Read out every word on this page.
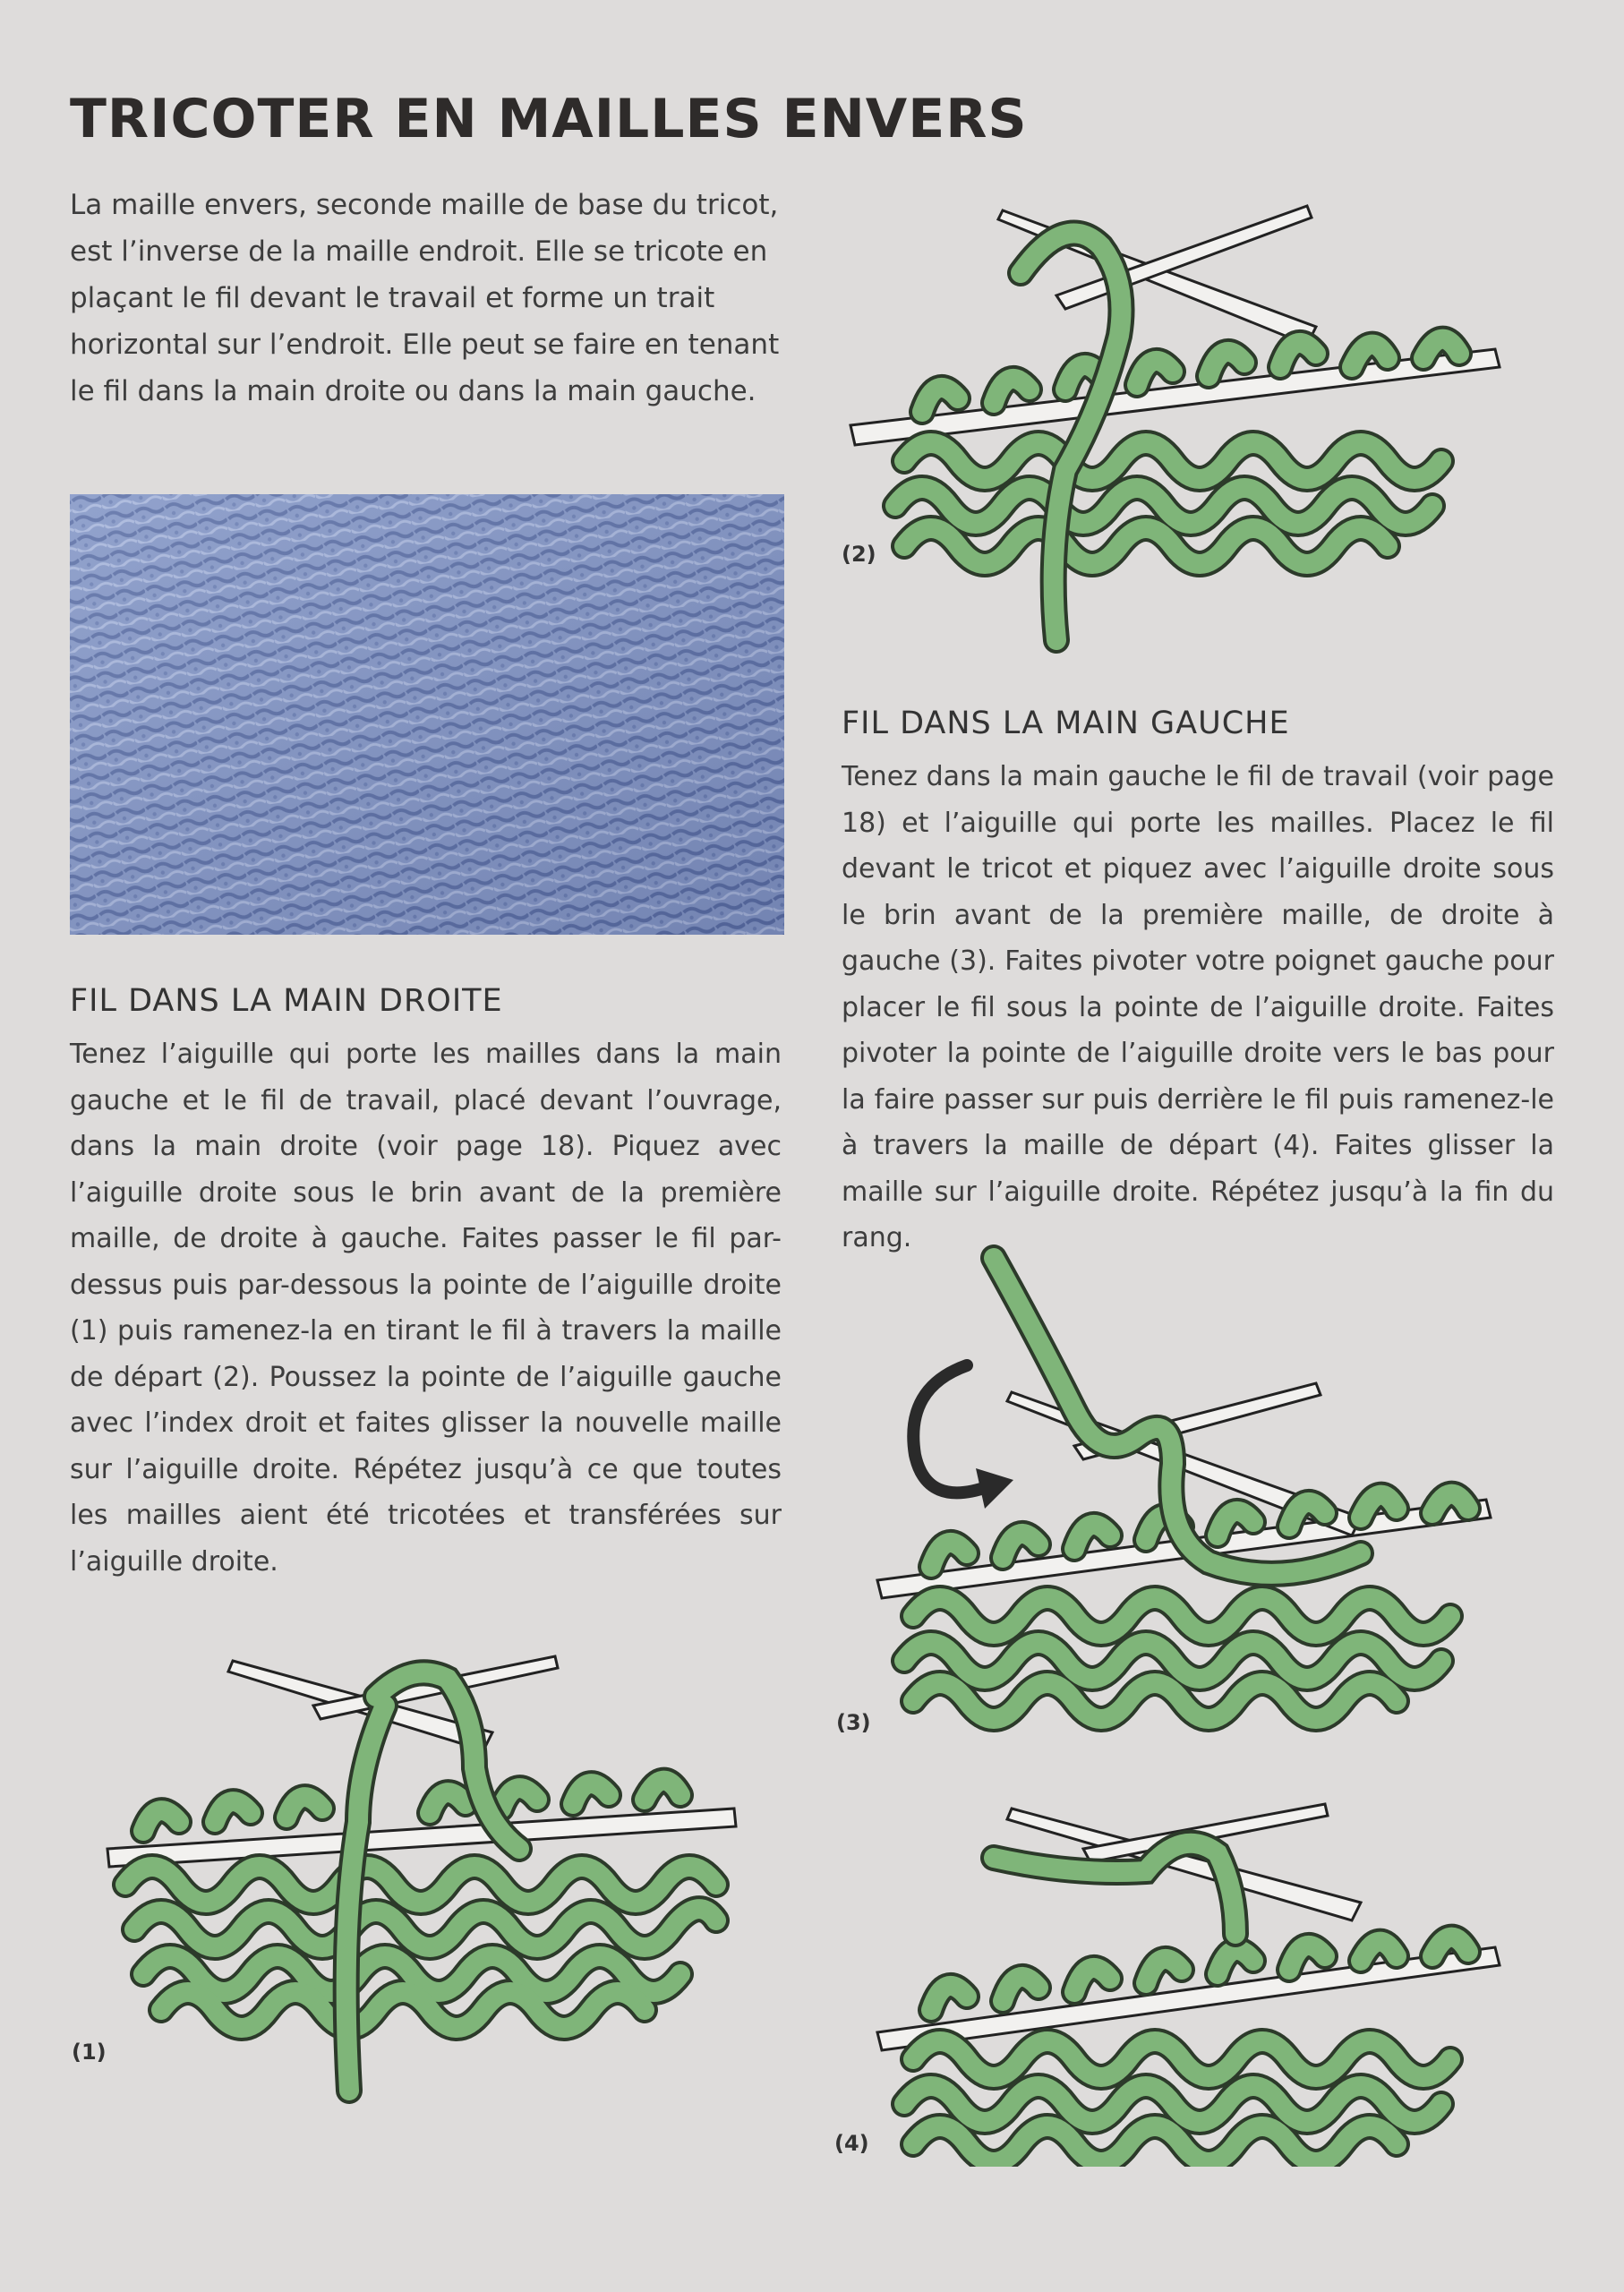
TRICOTER EN MAILLES ENVERS

La maille envers, seconde maille de base du tricot, est l’inverse de la maille endroit. Elle se tricote en plaçant le fil devant le travail et forme un trait horizontal sur l’endroit. Elle peut se faire en tenant le fil dans la main droite ou dans la main gauche.

FIL DANS LA MAIN DROITE

Tenez l’aiguille qui porte les mailles dans la main gauche et le fil de travail, placé devant l’ouvrage, dans la main droite (voir page 18). Piquez avec l’aiguille droite sous le brin avant de la première maille, de droite à gauche. Faites passer le fil par-dessus puis par-dessous la pointe de l’aiguille droite (1) puis ramenez-la en tirant le fil à travers la maille de départ (2). Poussez la pointe de l’aiguille gauche avec l’index droit et faites glisser la nouvelle maille sur l’aiguille droite. Répétez jusqu’à ce que toutes les mailles aient été tricotées et transférées sur l’aiguille droite.

FIL DANS LA MAIN GAUCHE

Tenez dans la main gauche le fil de travail (voir page 18) et l’aiguille qui porte les mailles. Placez le fil devant le tricot et piquez avec l’aiguille droite sous le brin avant de la première maille, de droite à gauche (3). Faites pivoter votre poignet gauche pour placer le fil sous la pointe de l’aiguille droite. Faites pivoter la pointe de l’aiguille droite vers le bas pour la faire passer sur puis derrière le fil puis ramenez-le à travers la maille de départ (4). Faites glisser la maille sur l’aiguille droite. Répétez jusqu’à la fin du rang.

(2)
(3)
(1)
(4)
